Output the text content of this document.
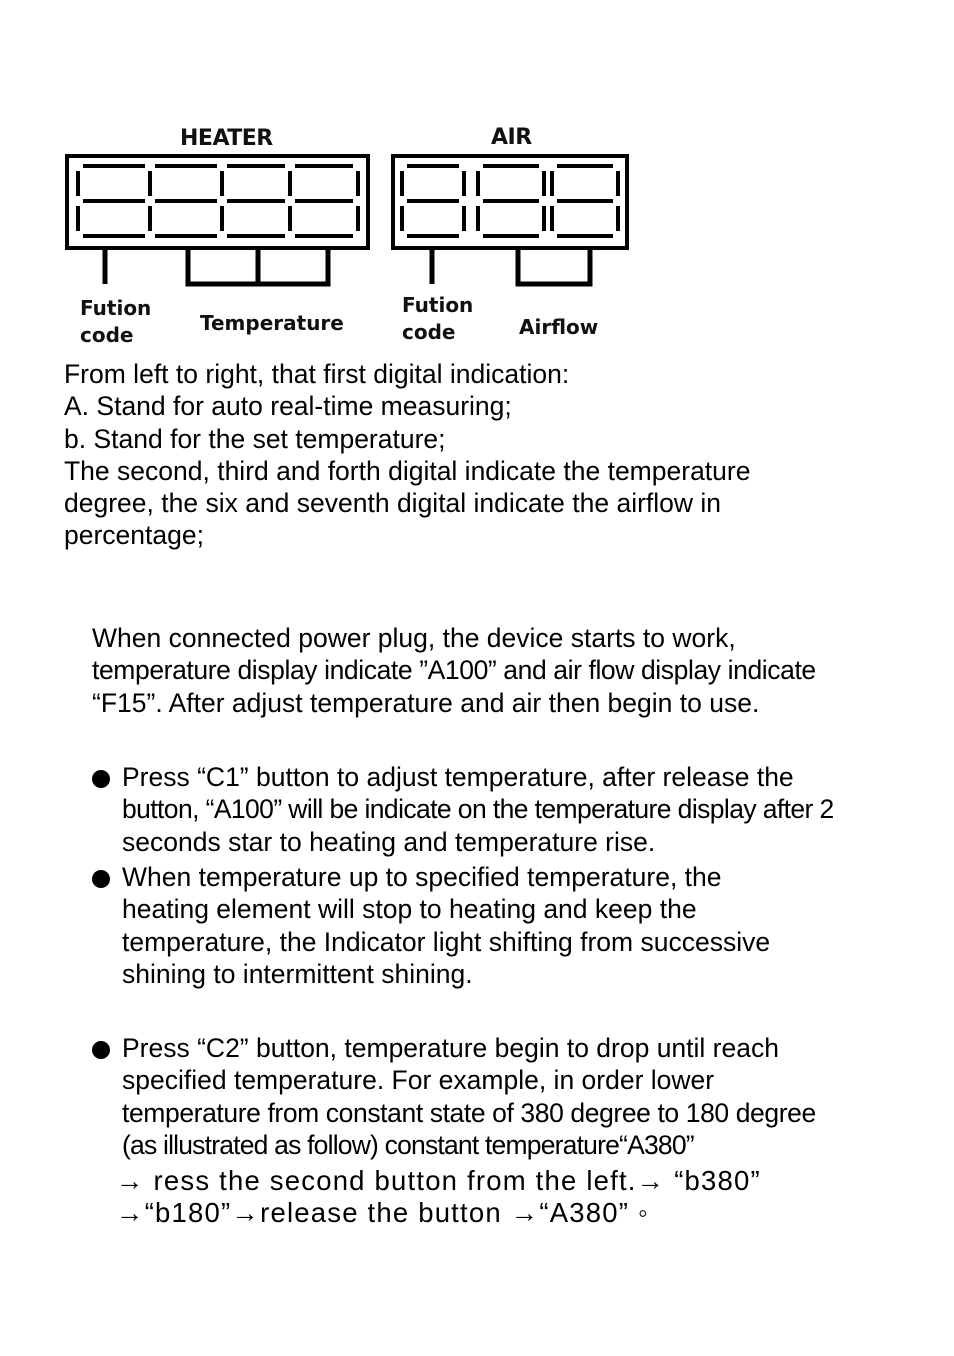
HEATER	AIR
Fution
code	Temperature
Fution
code	Airflow
From left to right, that first digital indication:
A. Stand for auto real-time measuring;
b. Stand for the set temperature;
The second, third and forth digital indicate the temperature
degree, the six and seventh digital indicate the airflow in
percentage;
When connected power plug, the device starts to work,
temperature display indicate ”A100” and air flow display indicate
“F15”. After adjust temperature and air then begin to use.
Press “C1” button to adjust temperature, after release the
button, “A100” will be indicate on the temperature display after 2
seconds star to heating and temperature rise.
When temperature up to specified temperature, the
heating element will stop to heating and keep the
temperature, the Indicator light shifting from successive
shining to intermittent shining.
Press “C2” button, temperature begin to drop until reach
specified temperature. For example, in order lower
temperature from constant state of 380 degree to 180 degree
(as illustrated as follow) constant temperature“A380”
→ ress the second button from the left.→ “b380”
→“b180”→release the button →“A380” ◦
